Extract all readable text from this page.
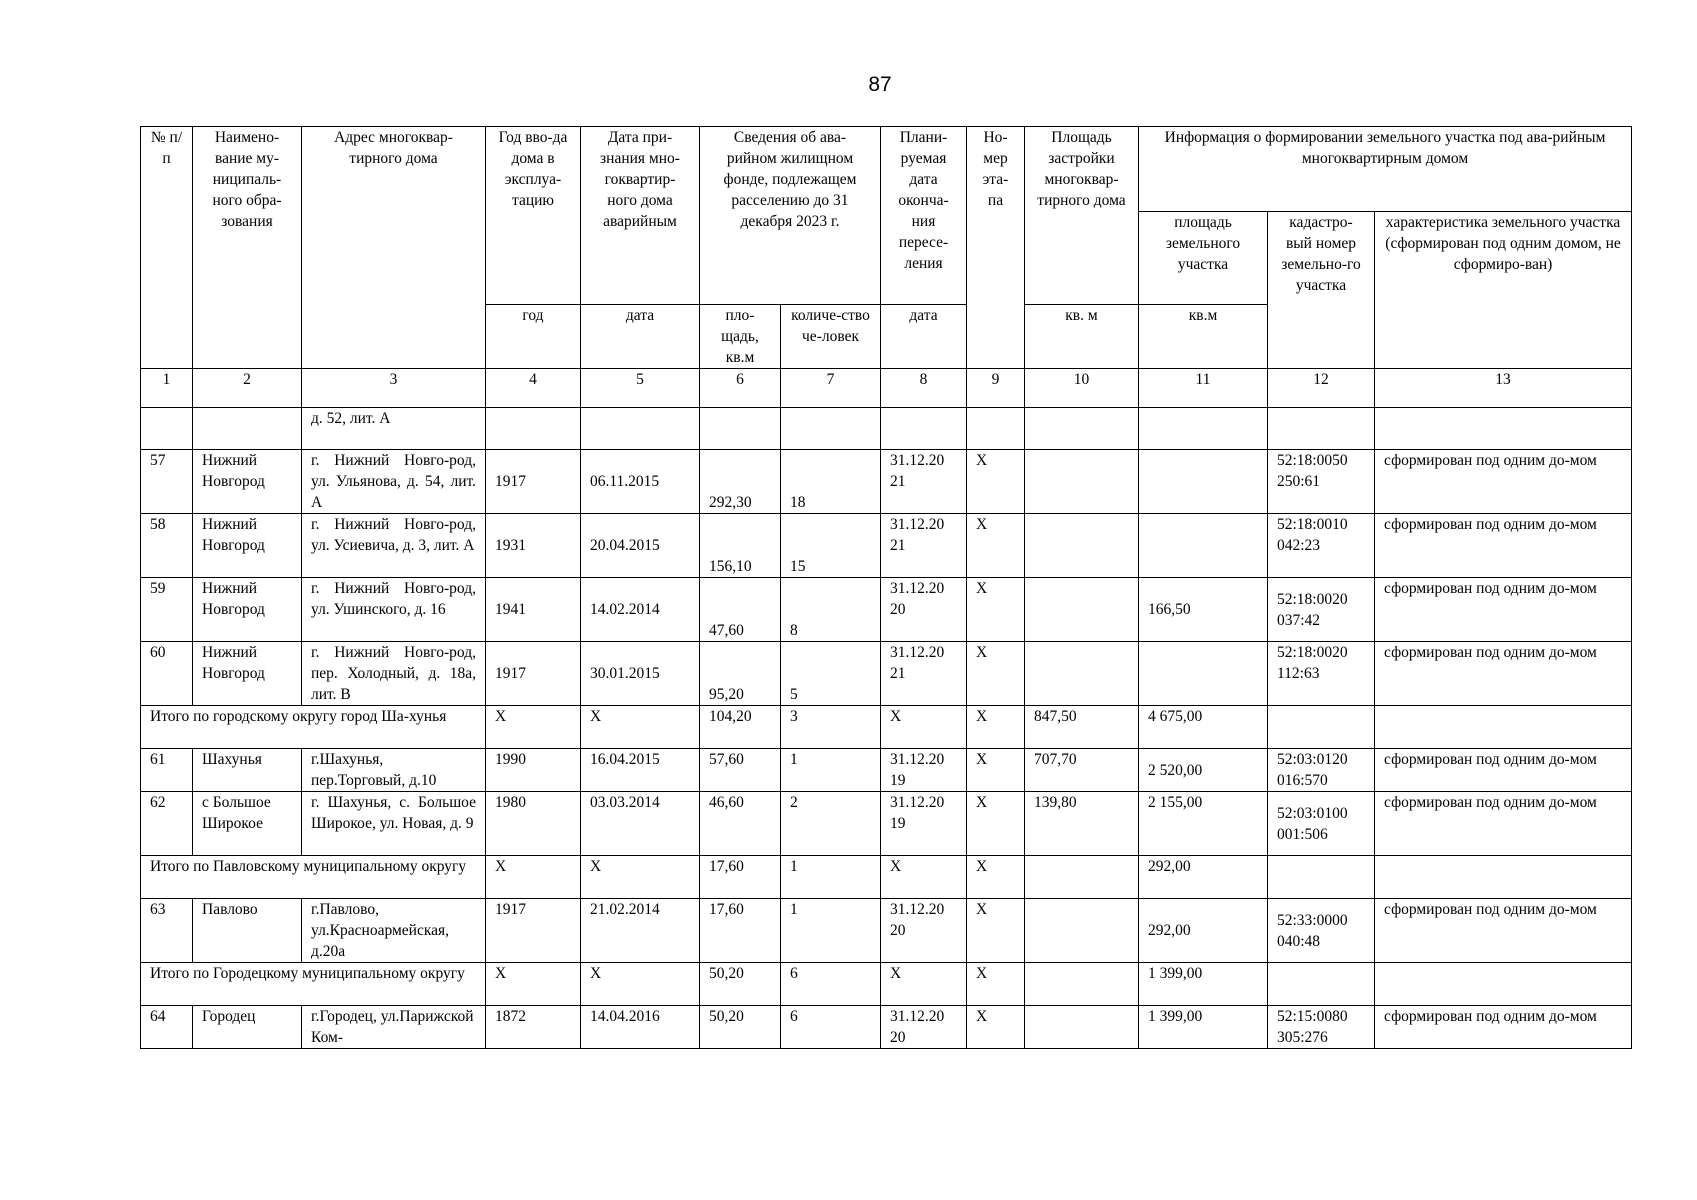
87
№ п/п	Наимено-вание му-ниципаль-ного обра-зования	Адрес многоквар-тирного дома	Год вво-да дома в эксплуа-тацию	Дата при-знания мно-гоквартир-ного дома аварийным	Сведения об ава-рийном жилищном фонде, подлежащем расселению до 31 декабря 2023 г.		Плани-руемая дата оконча-ния пересе-ления	Но-мер эта-па	Площадь застройки многоквар-тирного дома	Информация о формировании земельного участка под ава-рийным многоквартирным домом		
										площадь земельного участка	кадастро-вый номер земельно-го участка	характеристика земельного участка (сформирован под одним домом, не сформиро-ван)
			год	дата	пло-щадь, кв.м	количе-ство че-ловек	дата		кв. м	кв.м		
1	2	3	4	5	6	7	8	9	10	11	12	13
		д. 52, лит. А										
57	Нижний Новгород	г. Нижний Новго-род, ул. Ульянова, д. 54, лит. А	1917	06.11.2015	292,30	18	31.12.20 21	X			52:18:0050 250:61	сформирован под одним до-мом
58	Нижний Новгород	г. Нижний Новго-род, ул. Усиевича, д. 3, лит. А	1931	20.04.2015	156,10	15	31.12.20 21	X			52:18:0010 042:23	сформирован под одним до-мом
59	Нижний Новгород	г. Нижний Новго-род, ул. Ушинского, д. 16	1941	14.02.2014	47,60	8	31.12.20 20	X		166,50	52:18:0020 037:42	сформирован под одним до-мом
60	Нижний Новгород	г. Нижний Новго-род, пер. Холодный, д. 18а, лит. В	1917	30.01.2015	95,20	5	31.12.20 21	X			52:18:0020 112:63	сформирован под одним до-мом
Итого по городскому округу город Ша-хунья			X	X	104,20	3	X	X	847,50	4 675,00		
61	Шахунья	г.Шахунья, пер.Торговый, д.10	1990	16.04.2015	57,60	1	31.12.20 19	X	707,70	2 520,00	52:03:0120 016:570	сформирован под одним до-мом
62	с Большое Широкое	г. Шахунья, с. Большое Широкое, ул. Новая, д. 9	1980	03.03.2014	46,60	2	31.12.20 19	X	139,80	2 155,00	52:03:0100 001:506	сформирован под одним до-мом
Итого по Павловскому муниципальному округу			X	X	17,60	1	X	X		292,00		
63	Павлово	г.Павлово, ул.Красноармейская, д.20а	1917	21.02.2014	17,60	1	31.12.20 20	X		292,00	52:33:0000 040:48	сформирован под одним до-мом
Итого по Городецкому муниципальному округу			X	X	50,20	6	X	X		1 399,00		
64	Городец	г.Городец, ул.Парижской Ком-	1872	14.04.2016	50,20	6	31.12.20 20	X		1 399,00	52:15:0080 305:276	сформирован под одним до-мом
